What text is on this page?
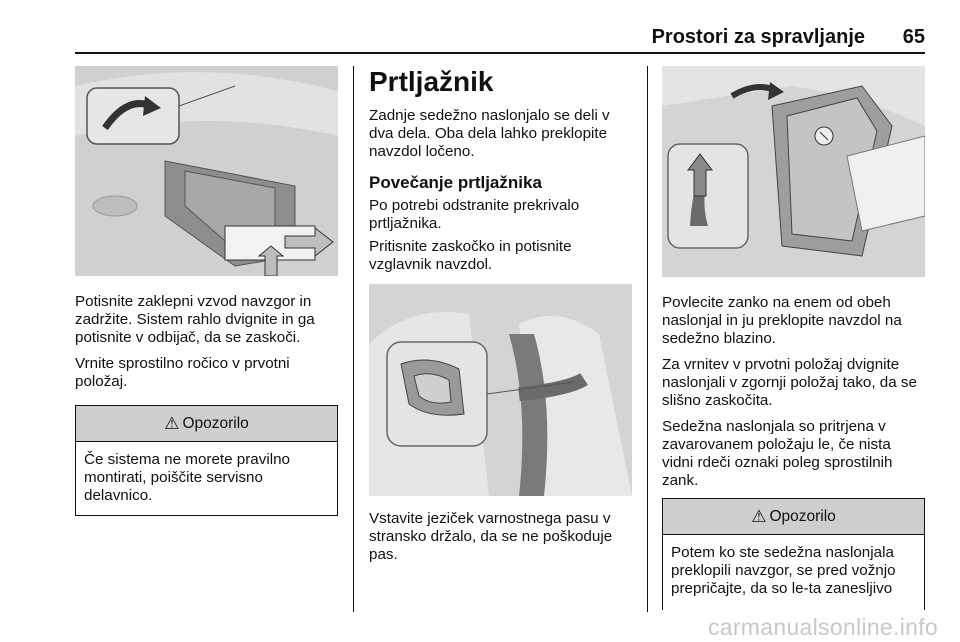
Prostori za spravljanje 65

Potisnite zaklepni vzvod navzgor in zadržite. Sistem rahlo dvignite in ga potisnite v odbijač, da se zaskoči.

Vrnite sprostilno ročico v prvotni položaj.

⚠ Opozorilo
Če sistema ne morete pravilno montirati, poiščite servisno delavnico.
Prtljažnik

Zadnje sedežno naslonjalo se deli v dva dela. Oba dela lahko preklopite navzdol ločeno.

Povečanje prtljažnika

Po potrebi odstranite prekrivalo prtljažnika.

Pritisnite zaskočko in potisnite vzglavnik navzdol.

Vstavite jeziček varnostnega pasu v stransko držalo, da se ne poškoduje pas.

Povlecite zanko na enem od obeh naslonjal in ju preklopite navzdol na sedežno blazino.

Za vrnitev v prvotni položaj dvignite naslonjali v zgornji položaj tako, da se slišno zaskočita.

Sedežna naslonjala so pritrjena v zavarovanem položaju le, če nista vidni rdeči oznaki poleg sprostilnih zank.

⚠ Opozorilo
Potem ko ste sedežna naslonjala preklopili navzgor, se pred vožnjo prepričajte, da so le-ta zanesljivo
carmanualsonline.info
